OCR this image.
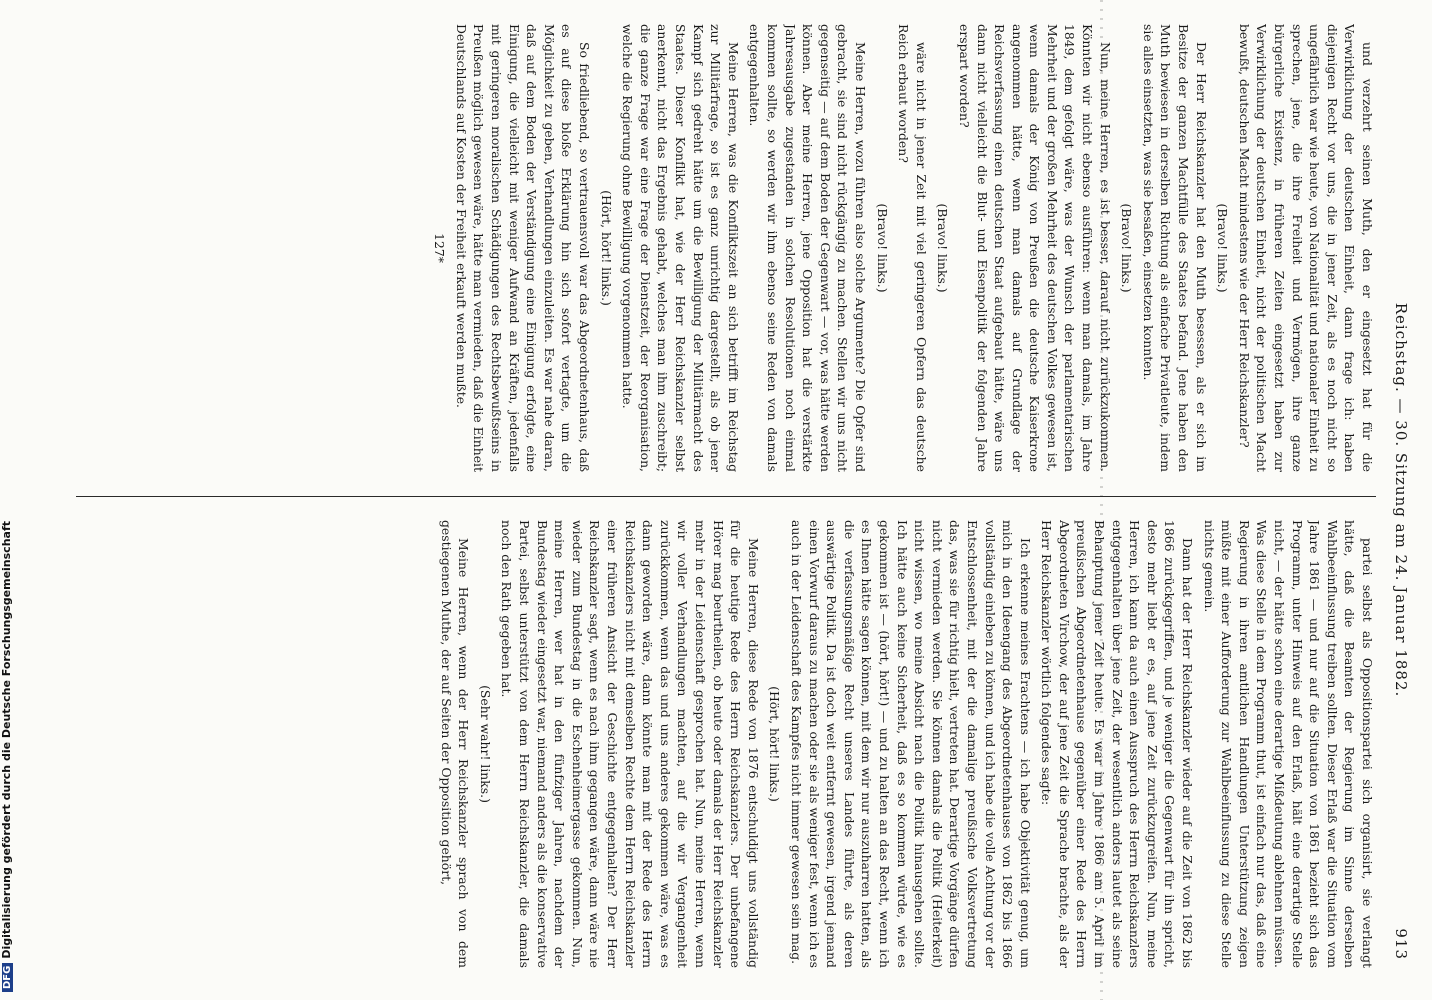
Reichstag. — 30. Sitzung am 24. Januar 1882.
913

und verzehrt seinen Muth, den er eingesetzt hat für die Verwirklichung der deutschen Einheit, dann frage ich: haben diejenigen Recht vor uns, die in jener Zeit, als es noch nicht so ungefährlich war wie heute, von Nationalität und nationaler Einheit zu sprechen, jene, die ihre Freiheit und Vermögen, ihre ganze bürgerliche Existenz, in früheren Zeiten eingesetzt haben zur Verwirklichung der deutschen Einheit, nicht der politischen Macht bewußt, deutschen Macht mindestens wie der Herr Reichskanzler?

(Bravo! links.)

Der Herr Reichskanzler hat den Muth besessen, als er sich im Besitze der ganzen Machtfülle des Staates befand. Jene haben den Muth bewiesen in derselben Richtung als einfache Privatleute, indem sie alles einsetzten, was sie besaßen, einsetzen konnten.

(Bravo! links.)

Nun, meine Herren, es ist besser, darauf nicht zurückzukommen. Könnten wir nicht ebenso ausführen: wenn man damals, im Jahre 1849, dem gefolgt wäre, was der Wunsch der parlamentarischen Mehrheit und der großen Mehrheit des deutschen Volkes gewesen ist, wenn damals der König von Preußen die deutsche Kaiserkrone angenommen hätte, wenn man damals auf Grundlage der Reichsverfassung einen deutschen Staat aufgebaut hätte, wäre uns dann nicht vielleicht die Blut- und Eisenpolitik der folgenden Jahre erspart worden?

(Bravo! links.)

wäre nicht in jener Zeit mit viel geringeren Opfern das deutsche Reich erbaut worden?

(Bravo! links.)

Meine Herren, wozu führen also solche Argumente? Die Opfer sind gebracht, sie sind nicht rückgängig zu machen. Stellen wir uns nicht gegenseitig — auf dem Boden der Gegenwart — vor, was hätte werden können. Aber meine Herren, jene Opposition hat die verstärkte Jahresausgabe zugestanden in solchen Resolutionen noch einmal kommen sollte, so werden wir ihm ebenso seine Reden von damals entgegenhalten.

Meine Herren, was die Konfliktszeit an sich betrifft im Reichstag zur Militärfrage, so ist es ganz unrichtig dargestellt, als ob jener Kampf sich gedreht hätte um die Bewilligung der Militärmacht des Staates. Dieser Konflikt hat, wie der Herr Reichskanzler selbst anerkennt, nicht das Ergebnis gehabt, welches man ihm zuschreibt; die ganze Frage war eine Frage der Dienstzeit, der Reorganisation, welche die Regierung ohne Bewilligung vorgenommen hatte.

(Hört, hört! links.)

So friedliebend, so vertrauensvoll war das Abgeordnetenhaus, daß es auf diese bloße Erklärung hin sich sofort vertagte, um die Möglichkeit zu geben, Verhandlungen einzuleiten. Es war nahe daran, daß auf dem Boden der Verständigung eine Einigung erfolgte, eine Einigung, die vielleicht mit weniger Aufwand an Kräften, jedenfalls mit geringeren moralischen Schädigungen des Rechtsbewußtseins in Preußen möglich gewesen wäre, hätte man vermieden, daß die Einheit Deutschlands auf Kosten der Freiheit erkauft werden mußte.

127*

partei selbst als Oppositionspartei sich organisirt, sie verlangt hätte, daß die Beamten der Regierung im Sinne derselben Wahlbeeinflussung treiben sollten. Dieser Erlaß war die Situation vom Jahre 1861 — und nur auf die Situation von 1861 bezieht sich das Programm, unter Hinweis auf den Erlaß, hält eine derartige Stelle nicht, — der hätte schon eine derartige Mißdeutung ablehnen müssen. Was diese Stelle in dem Programm thut, ist einfach nur das, daß eine Regierung in ihren amtlichen Handlungen Unterstützung zeigen müßte mit einer Aufforderung zur Wahlbeeinflussung zu diese Stelle nichts gemein.

Dann hat der Herr Reichskanzler wieder auf die Zeit von 1862 bis 1866 zurückgegriffen, und je weniger die Gegenwart für ihn spricht, desto mehr liebt er es, auf jene Zeit zurückzugreifen. Nun, meine Herren, ich kann da auch einen Ausspruch des Herrn Reichskanzlers entgegenhalten über jene Zeit, der wesentlich anders lautet als seine Behauptung jener Zeit heute. Es war im Jahre 1866 am 5. April im preußischen Abgeordnetenhause gegenüber einer Rede des Herrn Abgeordneten Virchow, der auf jene Zeit die Sprache brachte, als der Herr Reichskanzler wörtlich folgendes sagte:

Ich erkenne meines Erachtens — ich habe Objektivität genug, um mich in den Ideengang des Abgeordnetenhauses von 1862 bis 1866 vollständig einleben zu können, und ich habe die volle Achtung vor der Entschlossenheit, mit der die damalige preußische Volksvertretung das, was sie für richtig hielt, vertreten hat. Derartige Vorgänge dürfen nicht vermieden werden. Sie können damals die Politik (Heiterkeit) nicht wissen, wo meine Absicht nach die Politik hinausgehen sollte. Ich hätte auch keine Sicherheit, daß es so kommen würde, wie es gekommen ist — (hört, hört!) — und zu halten an das Recht, wenn ich es Ihnen hätte sagen können, mit dem wir nur auszuharren hatten, als die verfassungsmäßige Recht unseres Landes führte, als deren auswärtige Politik. Da ist doch weit entfernt gewesen, irgend jemand einen Vorwurf daraus zu machen oder sie als weniger fest, wenn ich es auch in der Leidenschaft des Kampfes nicht immer gewesen sein mag.

(Hört, hört! links.)

Meine Herren, diese Rede von 1876 entschuldigt uns vollständig für die heutige Rede des Herrn Reichskanzlers. Der unbefangene Hörer mag beurtheilen, ob heute oder damals der Herr Reichskanzler mehr in der Leidenschaft gesprochen hat. Nun, meine Herren, wenn wir voller Verhandlungen machten, auf die wir Vergangenheit zurückkommen, wenn das und uns anderes gekommen wäre, was es dann geworden wäre, dann könnte man mit der Rede des Herrn Reichskanzlers nicht mit demselben Rechte dem Herrn Reichskanzler einer früheren Ansicht der Geschichte entgegenhalten? Der Herr Reichskanzler sagt, wenn es nach ihm gegangen wäre, dann wäre nie wieder zum Bundestag in die Eschenheimergasse gekommen. Nun, meine Herren, wer hat in den fünfziger Jahren, nachdem der Bundestag wieder eingesetzt war, niemand anders als die konservative Partei, selbst unterstützt von dem Herrn Reichskanzler, die damals noch den Rath gegeben hat.

(Sehr wahr! links.)

Meine Herren, wenn der Herr Reichskanzler sprach von dem gestiegenen Muthe, der auf Seiten der Opposition gehört,

DFGDigitalisierung gefördert durch die Deutsche Forschungsgemeinschaft
